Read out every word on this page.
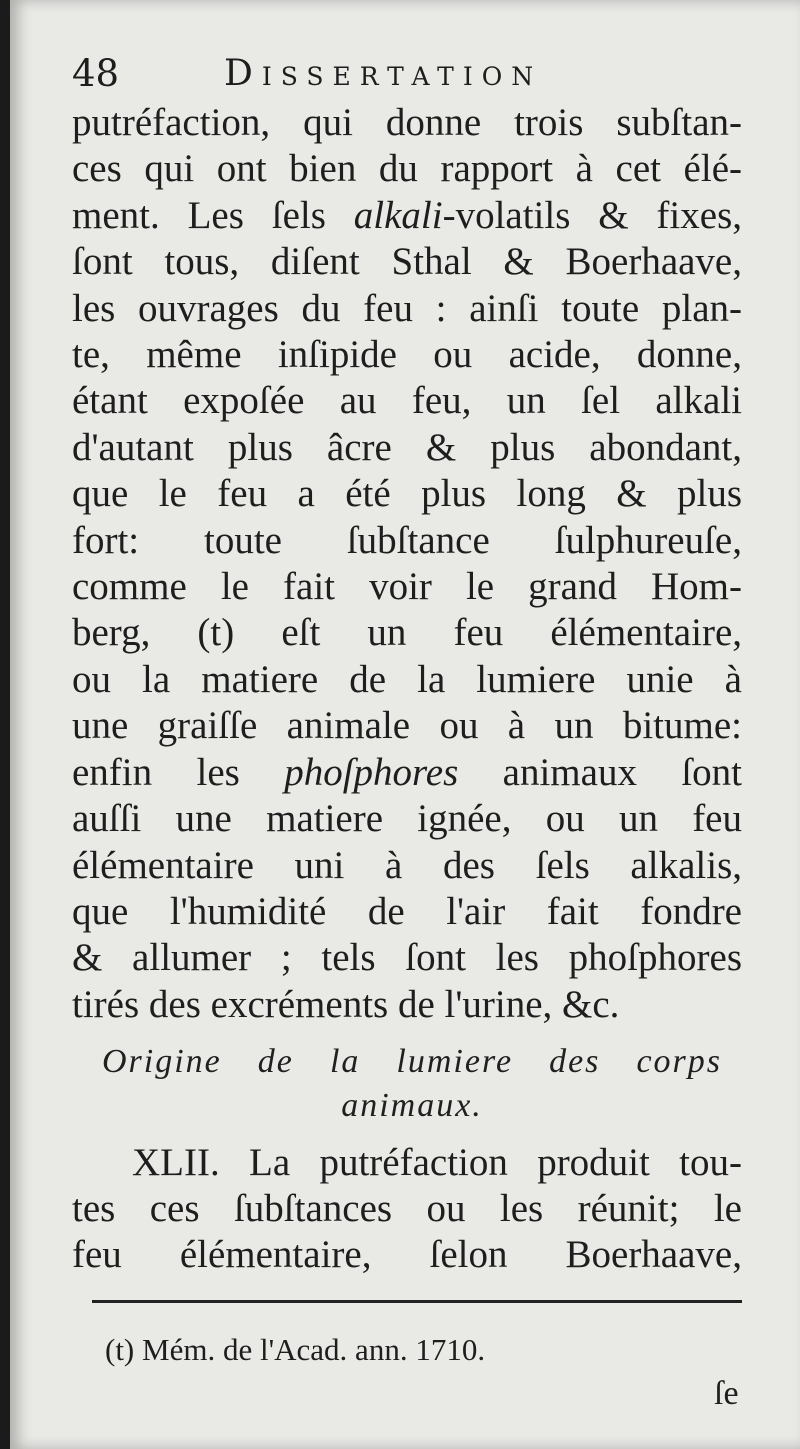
48	Dissertation
putréfaction, qui donne trois subſtan-
ces qui ont bien du rapport à cet élé-
ment. Les ſels alkali-volatils & fixes,
ſont tous, diſent Sthal & Boerhaave,
les ouvrages du feu : ainſi toute plan-
te, même inſipide ou acide, donne,
étant expoſée au feu, un ſel alkali
d'autant plus âcre & plus abondant,
que le feu a été plus long & plus
fort: toute ſubſtance ſulphureuſe,
comme le fait voir le grand Hom-
berg, (t) eſt un feu élémentaire,
ou la matiere de la lumiere unie à
une graiſſe animale ou à un bitume:
enfin les phoſphores animaux ſont
auſſi une matiere ignée, ou un feu
élémentaire uni à des ſels alkalis,
que l'humidité de l'air fait fondre
& allumer ; tels ſont les phoſphores
tirés des excréments de l'urine, &c.
Origine de la lumiere des corps
animaux.
XLII. La putréfaction produit tou-
tes ces ſubſtances ou les réunit; le
feu élémentaire, ſelon Boerhaave,
(t) Mém. de l'Acad. ann. 1710.
ſe
